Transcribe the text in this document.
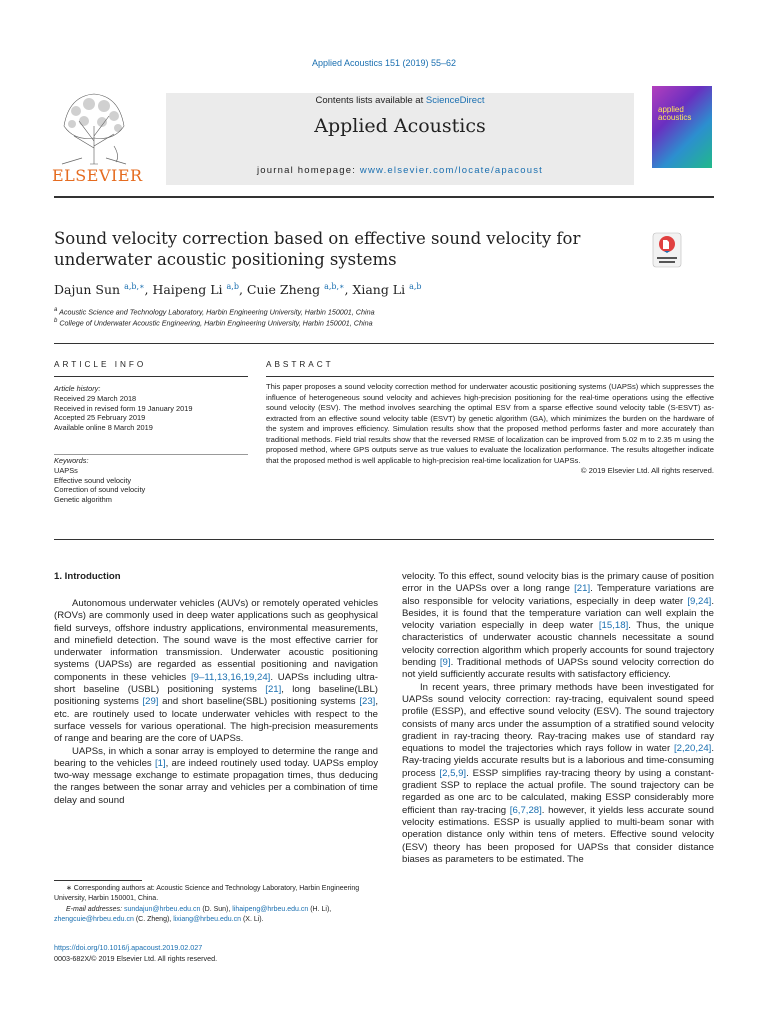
Applied Acoustics 151 (2019) 55–62
ELSEVIER
Contents lists available at ScienceDirect
Applied Acoustics
journal homepage: www.elsevier.com/locate/apacoust
applied
acoustics
Sound velocity correction based on effective sound velocity for underwater acoustic positioning systems
Dajun Sun $^{a,b,∗}$, Haipeng Li $^{a,b}$, Cuie Zheng $^{a,b,∗}$, Xiang Li $^{a,b}$
$^a$ Acoustic Science and Technology Laboratory, Harbin Engineering University, Harbin 150001, China
$^b$ College of Underwater Acoustic Engineering, Harbin Engineering University, Harbin 150001, China
ARTICLE INFO
Article history:
Received 29 March 2018
Received in revised form 19 January 2019
Accepted 25 February 2019
Available online 8 March 2019
Keywords:
UAPSs
Effective sound velocity
Correction of sound velocity
Genetic algorithm
ABSTRACT
This paper proposes a sound velocity correction method for underwater acoustic positioning systems (UAPSs) which suppresses the influence of heterogeneous sound velocity and achieves high-precision positioning for the real-time operations using the effective sound velocity (ESV). The method involves searching the optimal ESV from a sparse effective sound velocity table (S-ESVT) as-extracted from an effective sound velocity table (ESVT) by genetic algorithm (GA), which minimizes the burden on the hardware of the system and improves efficiency. Simulation results show that the proposed method performs faster and more accurately than traditional methods. Field trial results show that the reversed RMSE of localization can be improved from 5.02 m to 2.35 m using the proposed method, where GPS outputs serve as true values to evaluate the localization performance. The results altogether indicate that the proposed method is well applicable to high-precision real-time localization for UAPSs.
© 2019 Elsevier Ltd. All rights reserved.
1. Introduction

Autonomous underwater vehicles (AUVs) or remotely operated vehicles (ROVs) are commonly used in deep water applications such as geophysical field surveys, offshore industry applications, environmental measurements, and minefield detection. The sound wave is the most effective carrier for underwater information transmission. Underwater acoustic positioning systems (UAPSs) are regarded as essential positioning and navigation components in these vehicles [9–11,13,16,19,24]. UAPSs including ultra-short baseline (USBL) positioning systems [21], long baseline(LBL) positioning systems [29] and short baseline(SBL) positioning systems [23], etc. are routinely used to locate underwater vehicles with respect to the surface vessels for various operational. The high-precision measurements of range and bearing are the core of UAPSs.

UAPSs, in which a sonar array is employed to determine the range and bearing to the vehicles [1], are indeed routinely used today. UAPSs employ two-way message exchange to estimate propagation times, thus deducing the ranges between the sonar array and vehicles per a combination of time delay and sound

velocity. To this effect, sound velocity bias is the primary cause of position error in the UAPSs over a long range [21]. Temperature variations are also responsible for velocity variations, especially in deep water [9,24]. Besides, it is found that the temperature variation can well explain the velocity variation especially in deep water [15,18]. Thus, the unique characteristics of underwater acoustic channels necessitate a sound velocity correction algorithm which properly accounts for sound trajectory bending [9]. Traditional methods of UAPSs sound velocity correction do not yield sufficiently accurate results with satisfactory efficiency.

In recent years, three primary methods have been investigated for UAPSs sound velocity correction: ray-tracing, equivalent sound speed profile (ESSP), and effective sound velocity (ESV). The sound trajectory consists of many arcs under the assumption of a stratified sound velocity gradient in ray-tracing theory. Ray-tracing makes use of standard ray equations to model the trajectories which rays follow in water [2,20,24]. Ray-tracing yields accurate results but is a laborious and time-consuming process [2,5,9]. ESSP simplifies ray-tracing theory by using a constant-gradient SSP to replace the actual profile. The sound trajectory can be regarded as one arc to be calculated, making ESSP considerably more efficient than ray-tracing [6,7,28]. however, it yields less accurate sound velocity estimations. ESSP is usually applied to multi-beam sonar with operation distance only within tens of meters. Effective sound velocity (ESV) theory has been proposed for UAPSs that consider distance biases as parameters to be estimated. The

∗ Corresponding authors at: Acoustic Science and Technology Laboratory, Harbin Engineering University, Harbin 150001, China.
E-mail addresses: sundajun@hrbeu.edu.cn (D. Sun), lihaipeng@hrbeu.edu.cn (H. Li), zhengcuie@hrbeu.edu.cn (C. Zheng), lixiang@hrbeu.edu.cn (X. Li).
https://doi.org/10.1016/j.apacoust.2019.02.027
0003-682X/© 2019 Elsevier Ltd. All rights reserved.
